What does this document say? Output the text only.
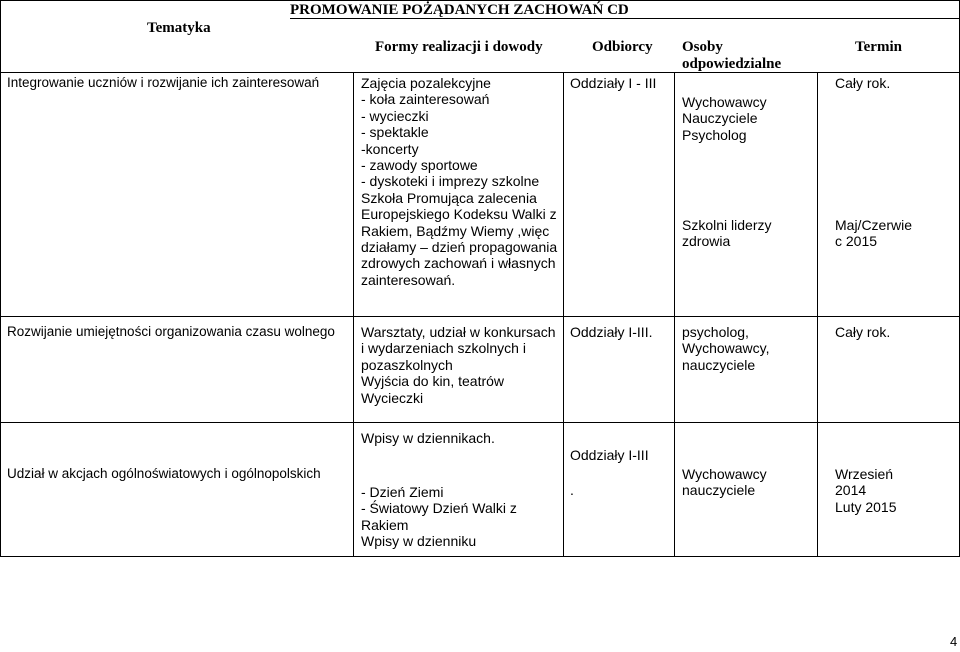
Tematyka
PROMOWANIE POŻĄDANYCH ZACHOWAŃ CD
Formy realizacji i dowody	Odbiorcy Osoby
odpowiedzialne
Termin
Integrowanie uczniów i rozwijanie ich zainteresowań	Zajęcia pozalekcyjne
- koła zainteresowań
- wycieczki
- spektakle
-koncerty
- zawody sportowe
- dyskoteki i imprezy szkolne
Szkoła Promująca zalecenia
Europejskiego Kodeksu Walki z
Rakiem, Bądźmy Wiemy ,więc
działamy – dzień propagowania
zdrowych zachowań i własnych
zainteresowań.
Oddziały I - III
Wychowawcy
Nauczyciele
Psycholog
Szkolni liderzy
zdrowia
Cały rok.
Maj/Czerwie
c 2015
Rozwijanie umiejętności organizowania czasu wolnego Warsztaty, udział w konkursach
i wydarzeniach szkolnych i
pozaszkolnych
Wyjścia do kin, teatrów
Wycieczki
Oddziały I-III. psycholog,
Wychowawcy,
nauczyciele
Cały rok.
Udział w akcjach ogólnoświatowych i ogólnopolskich
Wpisy w dziennikach.
- Dzień Ziemi
- Światowy Dzień Walki z
Rakiem
Wpisy w dzienniku
Oddziały I-III
.
Wychowawcy
nauczyciele
Wrzesień
2014
Luty 2015
4
